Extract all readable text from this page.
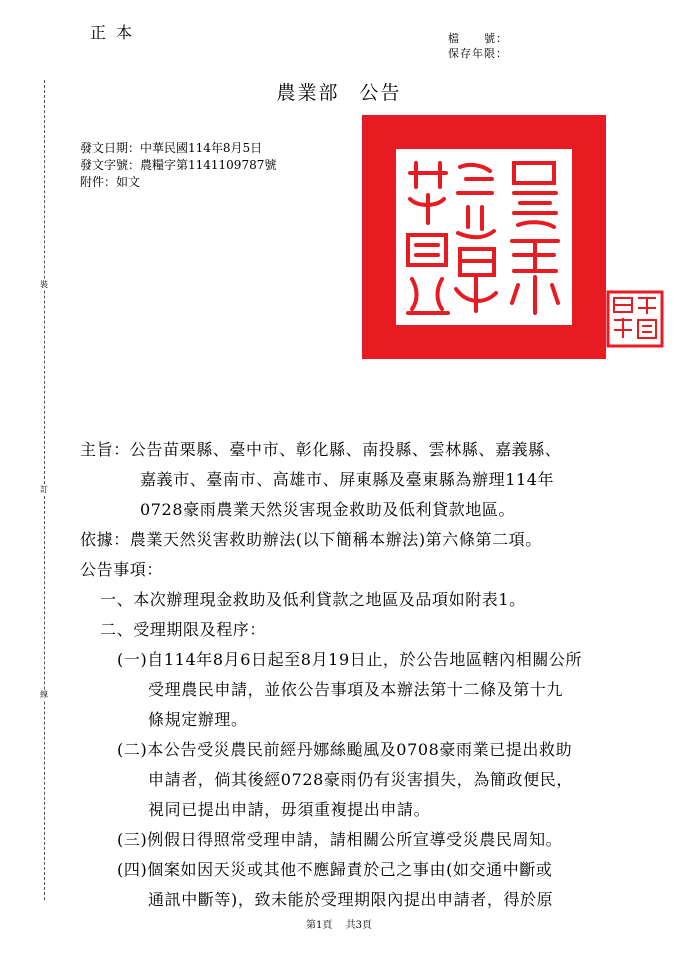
正本	檔　　號：
保存年限：
農業部 公告
發文日期：中華民國114年8月5日
發文字號：農糧字第1141109787號
附件：如文
裝
訂
線
主旨：公告苗栗縣、臺中市、彰化縣、南投縣、雲林縣、嘉義縣、
嘉義市、臺南市、高雄市、屏東縣及臺東縣為辦理114年
0728豪雨農業天然災害現金救助及低利貸款地區。
依據：農業天然災害救助辦法(以下簡稱本辦法)第六條第二項。
公告事項：
一、本次辦理現金救助及低利貸款之地區及品項如附表1。
二、受理期限及程序：
(一)自114年8月6日起至8月19日止，於公告地區轄內相關公所
受理農民申請，並依公告事項及本辦法第十二條及第十九
條規定辦理。
(二)本公告受災農民前經丹娜絲颱風及0708豪雨業已提出救助
申請者，倘其後經0728豪雨仍有災害損失，為簡政便民，
視同已提出申請，毋須重複提出申請。
(三)例假日得照常受理申請，請相關公所宣導受災農民周知。
(四)個案如因天災或其他不應歸責於己之事由(如交通中斷或
通訊中斷等)，致未能於受理期限內提出申請者，得於原
第1頁 共3頁
